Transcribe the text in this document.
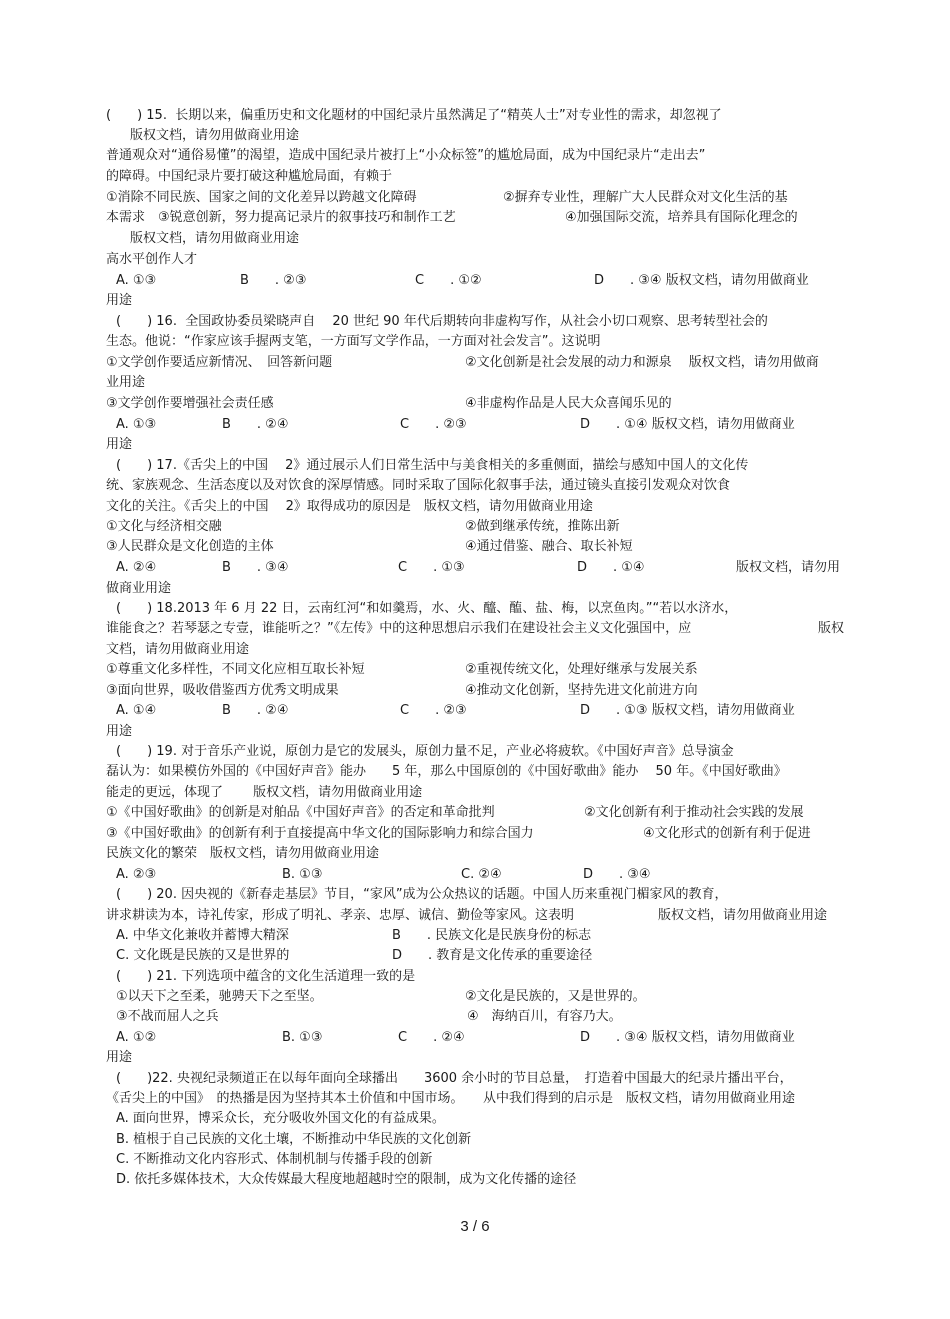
(　　) 15.  长期以来，偏重历史和文化题材的中国纪录片虽然满足了“精英人士”对专业性的需求，却忽视了
版权文档，请勿用做商业用途
普通观众对“通俗易懂”的渴望，造成中国纪录片被打上“小众标签”的尴尬局面，成为中国纪录片“走出去”
的障碍。中国纪录片要打破这种尴尬局面，有赖于
①消除不同民族、国家之间的文化差异以跨越文化障碍	②摒弃专业性，理解广大人民群众对文化生活的基
本需求　③锐意创新，努力提高记录片的叙事技巧和制作工艺	④加强国际交流，培养具有国际化理念的
版权文档，请勿用做商业用途
高水平创作人才
A. ①③	B　　. ②③	C　　. ①②	D　　. ③④ 版权文档，请勿用做商业
用途
(　　) 16.  全国政协委员梁晓声自　 20 世纪 90 年代后期转向非虚构写作，从社会小切口观察、思考转型社会的
生态。他说：“作家应该手握两支笔，一方面写文学作品，一方面对社会发言”。这说明
①文学创作要适应新情况、　回答新问题	②文化创新是社会发展的动力和源泉　 版权文档，请勿用做商
业用途
③文学创作要增强社会责任感	④非虚构作品是人民大众喜闻乐见的
A. ①③	B　　. ②④	C　　. ②③	D　　. ①④ 版权文档，请勿用做商业
用途
(　　) 17.《舌尖上的中国　 2》通过展示人们日常生活中与美食相关的多重侧面，描绘与感知中国人的文化传
统、家族观念、生活态度以及对饮食的深厚情感。同时采取了国际化叙事手法，通过镜头直接引发观众对饮食
文化的关注。《舌尖上的中国　 2》取得成功的原因是　版权文档，请勿用做商业用途
①文化与经济相交融	②做到继承传统，推陈出新
③人民群众是文化创造的主体	④通过借鉴、融合、取长补短
A. ②④	B　　. ③④	C　　. ①③	D　　. ①④	版权文档，请勿用
做商业用途
(　　) 18.2013 年 6 月 22 日，云南红河“和如羹焉，水、火、醯、醢、盐、梅，以烹鱼肉。”“若以水济水，
谁能食之？若琴瑟之专壹，谁能听之？”《左传》中的这种思想启示我们在建设社会主义文化强国中，应	版权
文档，请勿用做商业用途
①尊重文化多样性，不同文化应相互取长补短	②重视传统文化，处理好继承与发展关系
③面向世界，吸收借鉴西方优秀文明成果	④推动文化创新，坚持先进文化前进方向
A. ①④	B　　. ②④	C　　. ②③	D　　. ①③ 版权文档，请勿用做商业
用途
(　　) 19. 对于音乐产业说，原创力是它的发展头，原创力量不足，产业必将疲软。《中国好声音》总导演金
磊认为：如果模仿外国的《中国好声音》能办　　5 年，那么中国原创的《中国好歌曲》能办　 50 年。《中国好歌曲》
能走的更远，体现了　　 版权文档，请勿用做商业用途
①《中国好歌曲》的创新是对舶品《中国好声音》的否定和革命批判	②文化创新有利于推动社会实践的发展
③《中国好歌曲》的创新有利于直接提高中华文化的国际影响力和综合国力	④文化形式的创新有利于促进
民族文化的繁荣　版权文档，请勿用做商业用途
A. ②③	B. ①③	C. ②④	D　　. ③④
(　　) 20. 因央视的《新春走基层》节目，“家风”成为公众热议的话题。中国人历来重视门楣家风的教育，
讲求耕读为本，诗礼传家，形成了明礼、孝亲、忠厚、诚信、勤俭等家风。这表明	版权文档，请勿用做商业用途
A. 中华文化兼收并蓄博大精深	B　　. 民族文化是民族身份的标志
C. 文化既是民族的又是世界的	D　　. 教育是文化传承的重要途径
(　　) 21. 下列选项中蕴含的文化生活道理一致的是
①以天下之至柔，驰骋天下之至坚。	②文化是民族的，又是世界的。
③不战而屈人之兵	④　海纳百川，有容乃大。
A. ①②	B. ①③	C　　. ②④	D　　. ③④ 版权文档，请勿用做商业
用途
(　　)22. 央视纪录频道正在以每年面向全球播出　　3600 余小时的节目总量，　打造着中国最大的纪录片播出平台，
《舌尖上的中国》　的热播是因为坚持其本土价值和中国市场。　　从中我们得到的启示是　版权文档，请勿用做商业用途
A. 面向世界，博采众长，充分吸收外国文化的有益成果。
B. 植根于自己民族的文化土壤，不断推动中华民族的文化创新
C. 不断推动文化内容形式、体制机制与传播手段的创新
D. 依托多媒体技术，大众传媒最大程度地超越时空的限制，成为文化传播的途径
3 / 6
